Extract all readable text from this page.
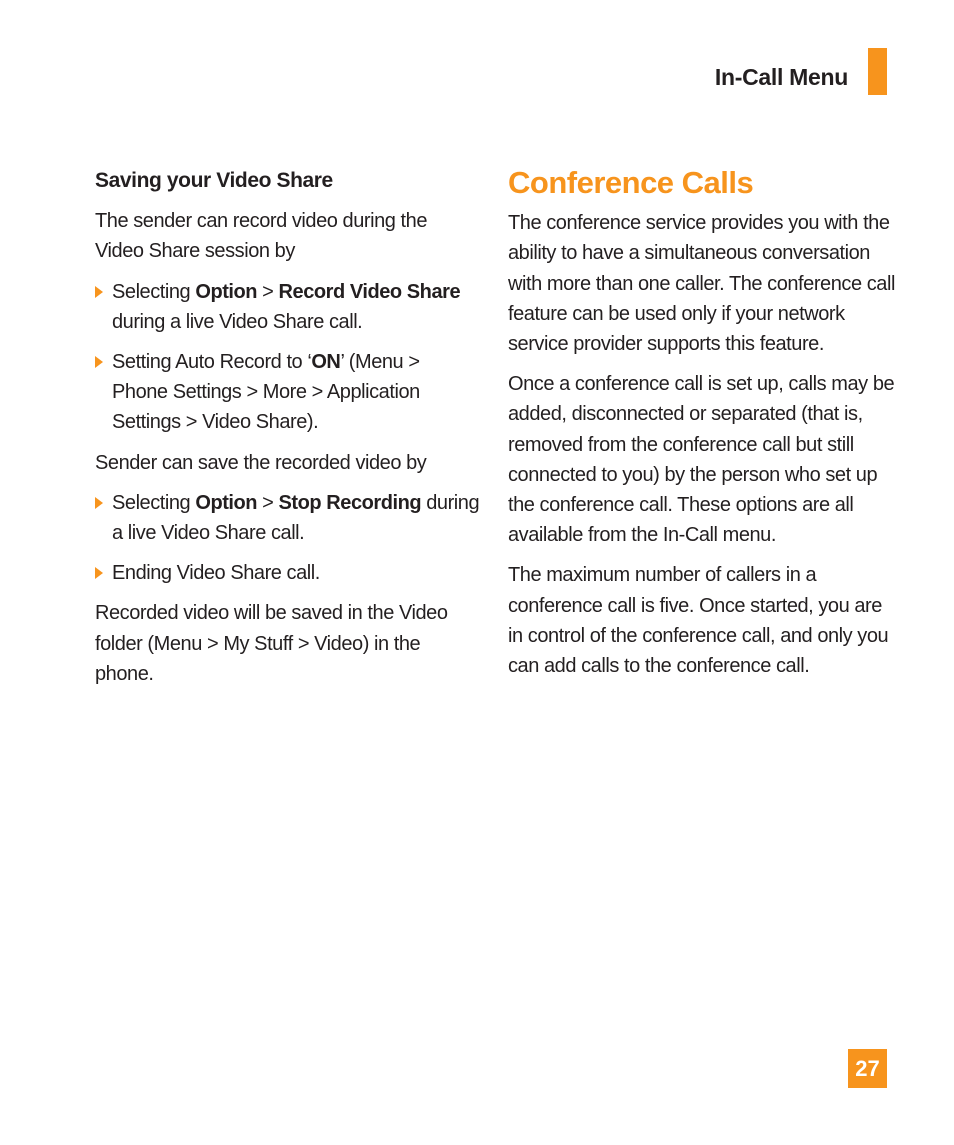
In-Call Menu
Saving your Video Share

The sender can record video during the Video Share session by

Selecting Option > Record Video Share during a live Video Share call.
Setting Auto Record to ‘ON’ (Menu > Phone Settings > More > Application Settings > Video Share).

Sender can save the recorded video by

Selecting Option > Stop Recording during a live Video Share call.
Ending Video Share call.

Recorded video will be saved in the Video folder (Menu > My Stuff > Video) in the phone.

Conference Calls

The conference service provides you with the ability to have a simultaneous conversation with more than one caller. The conference call feature can be used only if your network service provider supports this feature.

Once a conference call is set up, calls may be added, disconnected or separated (that is, removed from the conference call but still connected to you) by the person who set up the conference call. These options are all available from the In-Call menu.

The maximum number of callers in a conference call is five. Once started, you are in control of the conference call, and only you can add calls to the conference call.

27
